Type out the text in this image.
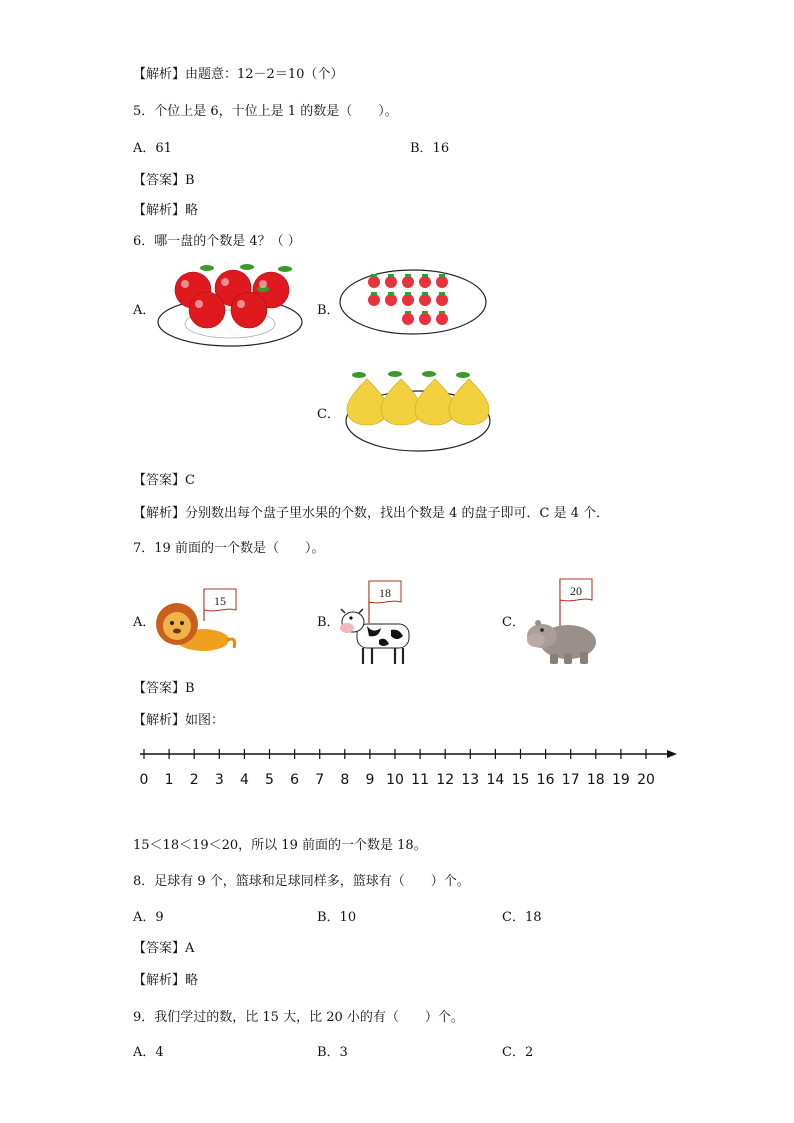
【解析】由题意：12－2＝10（个）
5．个位上是 6，十位上是 1 的数是（　　）。
A．61	B．16
【答案】B
【解析】略
6．哪一盘的个数是 4？（ ）
A．	B．
C．
【答案】C
【解析】分别数出每个盘子里水果的个数，找出个数是 4 的盘子即可．C 是 4 个．
7．19 前面的一个数是（　　）。
A．	B．	C．
15
18	20
【答案】B
【解析】如图：
0 1 2 3 4 5 6 7 8 9 10 11 12 13 14 15 16 17 18 19 20
15＜18＜19＜20，所以 19 前面的一个数是 18。
8．足球有 9 个，篮球和足球同样多，篮球有（　　）个。
A．9	B．10	C．18
【答案】A
【解析】略
9．我们学过的数，比 15 大，比 20 小的有（　　）个。
A．4	B．3	C．2
